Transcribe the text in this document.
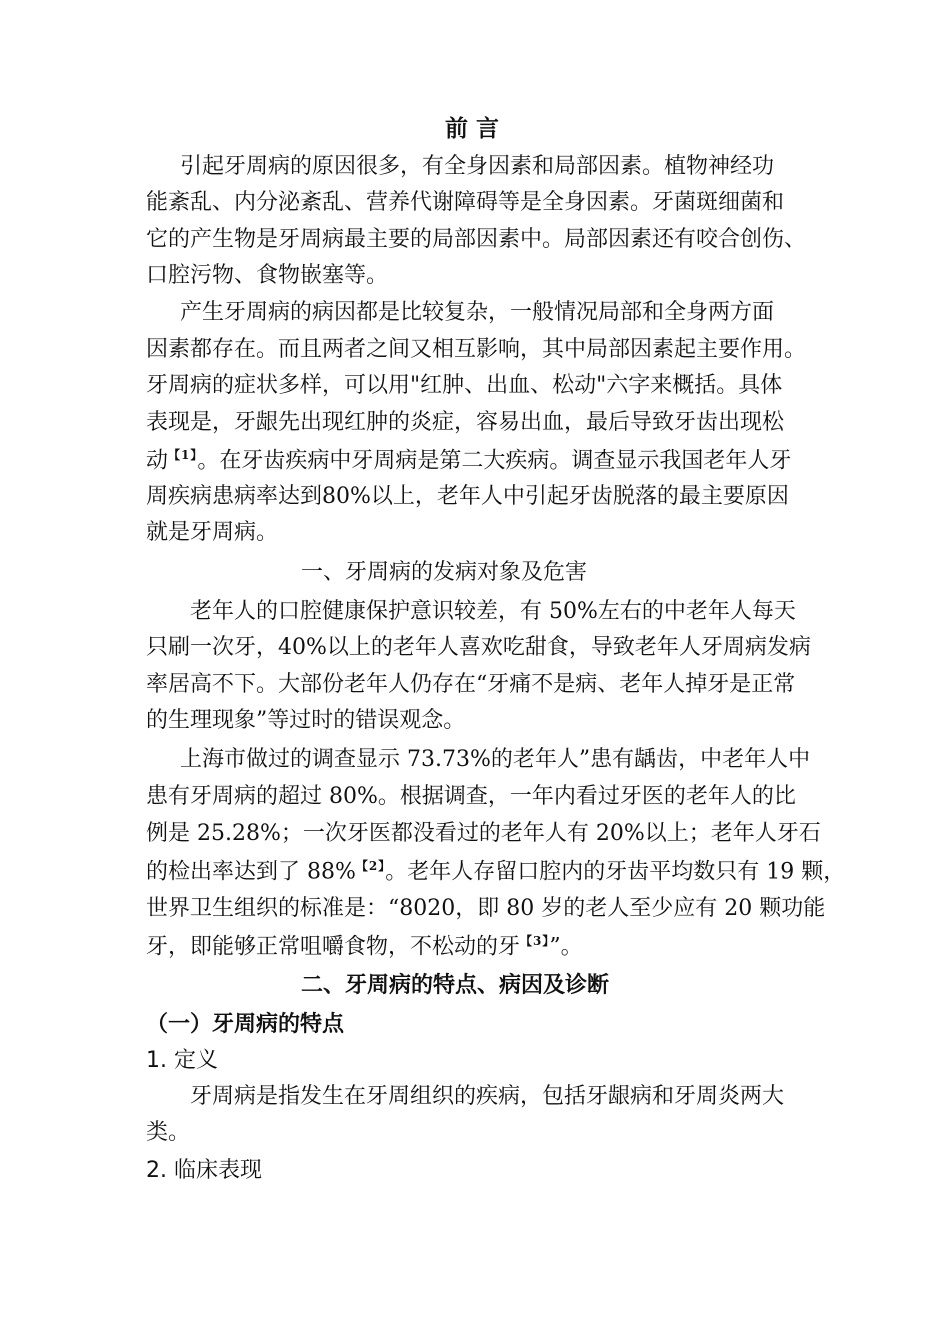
前 言
引起牙周病的原因很多，有全身因素和局部因素。植物神经功
能紊乱、内分泌紊乱、营养代谢障碍等是全身因素。牙菌斑细菌和
它的产生物是牙周病最主要的局部因素中。局部因素还有咬合创伤、
口腔污物、食物嵌塞等。
产生牙周病的病因都是比较复杂，一般情况局部和全身两方面
因素都存在。而且两者之间又相互影响，其中局部因素起主要作用。
牙周病的症状多样，可以用"红肿、出血、松动"六字来概括。具体
表现是，牙龈先出现红肿的炎症，容易出血，最后导致牙齿出现松
动$^{【1】}$。在牙齿疾病中牙周病是第二大疾病。调查显示我国老年人牙
周疾病患病率达到80%以上，老年人中引起牙齿脱落的最主要原因
就是牙周病。
一、牙周病的发病对象及危害
老年人的口腔健康保护意识较差，有 50%左右的中老年人每天
只刷一次牙，40%以上的老年人喜欢吃甜食，导致老年人牙周病发病
率居高不下。大部份老年人仍存在“牙痛不是病、老年人掉牙是正常
的生理现象”等过时的错误观念。
上海市做过的调查显示 73.73%的老年人”患有龋齿，中老年人中
患有牙周病的超过 80%。根据调查，一年内看过牙医的老年人的比
例是 25.28%；一次牙医都没看过的老年人有 20%以上；老年人牙石
的检出率达到了 88%$^{【2】}$。老年人存留口腔内的牙齿平均数只有 19 颗，
世界卫生组织的标准是：“8020，即 80 岁的老人至少应有 20 颗功能
牙，即能够正常咀嚼食物，不松动的牙$^{【3】}$”。
二、牙周病的特点、病因及诊断
（一）牙周病的特点
1. 定义
牙周病是指发生在牙周组织的疾病，包括牙龈病和牙周炎两大
类。
2. 临床表现
